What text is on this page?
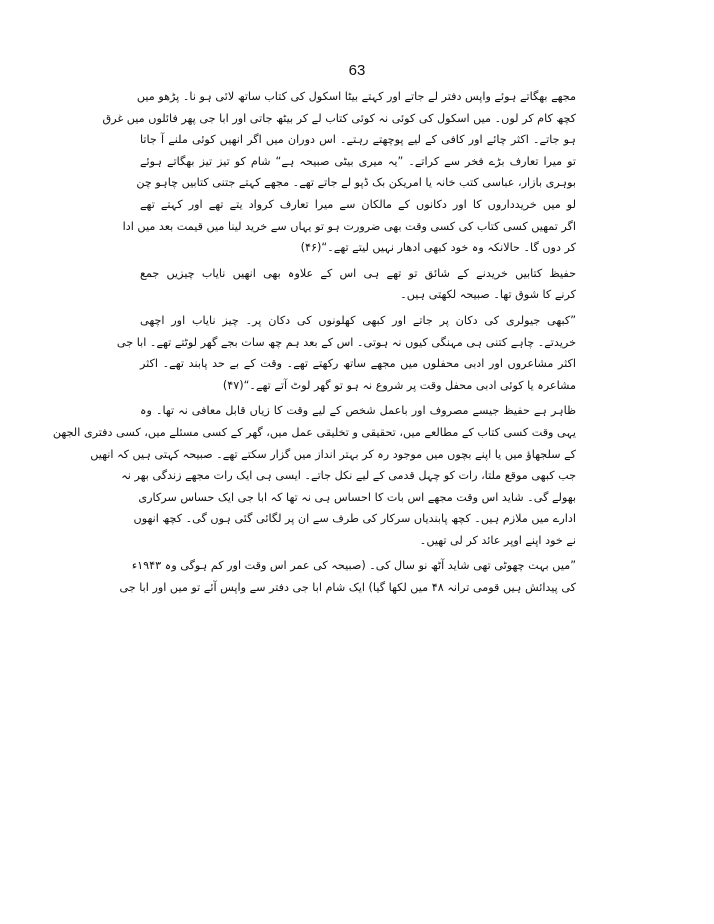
63
مجھے بھگاتے ہوئے واپس دفتر لے جاتے اور کہتے بیٹا اسکول کی کتاب ساتھ لائی ہو نا۔ پڑھو میں
کچھ کام کر لوں۔ میں اسکول کی کوئی نہ کوئی کتاب لے کر بیٹھ جاتی اور ابا جی پھر فائلوں میں غرق
ہو جاتے۔ اکثر چائے اور کافی کے لیے پوچھتے رہتے۔ اس دوران میں اگر انھیں کوئی ملنے آ جاتا
تو میرا تعارف بڑے فخر سے کراتے۔ ”یہ میری بیٹی صبیحہ ہے“ شام کو تیز تیز بھگاتے ہوئے
بوہری بازار، عباسی کتب خانہ یا امریکن بک ڈپو لے جاتے تھے۔ مجھے کہتے جتنی کتابیں چاہو چن
لو میں خریدداروں کا اور دکانوں کے مالکان سے میرا تعارف کرواد یتے تھے اور کہتے تھے
اگر تمھیں کسی کتاب کی کسی وقت بھی ضرورت ہو تو یہاں سے خرید لینا میں قیمت بعد میں ادا
کر دوں گا۔ حالانکہ وہ خود کبھی ادھار نہیں لیتے تھے۔“(۴۶)
حفیظ کتابیں خریدنے کے شائق تو تھے ہی اس کے علاوہ بھی انھیں نایاب چیزیں جمع
کرنے کا شوق تھا۔ صبیحہ لکھتی ہیں۔
”کبھی جیولری کی دکان پر جاتے اور کبھی کھلونوں کی دکان پر۔ چیز نایاب اور اچھی
خریدتے۔ چاہے کتنی ہی مہنگی کیوں نہ ہوتی۔ اس کے بعد ہم چھ سات بجے گھر لوٹتے تھے۔ ابا جی
اکثر مشاعروں اور ادبی محفلوں میں مجھے ساتھ رکھتے تھے۔ وقت کے بے حد پابند تھے۔ اکثر
مشاعرہ یا کوئی ادبی محفل وقت پر شروع نہ ہو تو گھر لوٹ آتے تھے۔“(۴۷)
ظاہر ہے حفیظ جیسے مصروف اور باعمل شخص کے لیے وقت کا زیاں قابل معافی نہ تھا۔ وہ
یہی وقت کسی کتاب کے مطالعے میں، تحقیقی و تخلیقی عمل میں، گھر کے کسی مسئلے میں، کسی دفتری الجھن
کے سلجھاؤ میں یا اپنے بچوں میں موجود رہ کر بہتر انداز میں گزار سکتے تھے۔ صبیحہ کہتی ہیں کہ انھیں
جب کبھی موقع ملتا، رات کو چہل قدمی کے لیے نکل جاتے۔ ایسی ہی ایک رات مجھے زندگی بھر نہ
بھولے گی۔ شاید اس وقت مجھے اس بات کا احساس ہی نہ تھا کہ ابا جی ایک حساس سرکاری
ادارے میں ملازم ہیں۔ کچھ پابندیاں سرکار کی طرف سے ان پر لگائی گئی ہوں گی۔ کچھ انھوں
نے خود اپنے اوپر عائد کر لی تھیں۔
”میں بہت چھوٹی تھی شاید آٹھ نو سال کی۔ (صبیحہ کی عمر اس وقت اور کم ہوگی وہ ۱۹۴۳ء
کی پیدائش ہیں قومی ترانہ ۴۸ میں لکھا گیا) ایک شام ابا جی دفتر سے واپس آئے تو میں اور ابا جی
